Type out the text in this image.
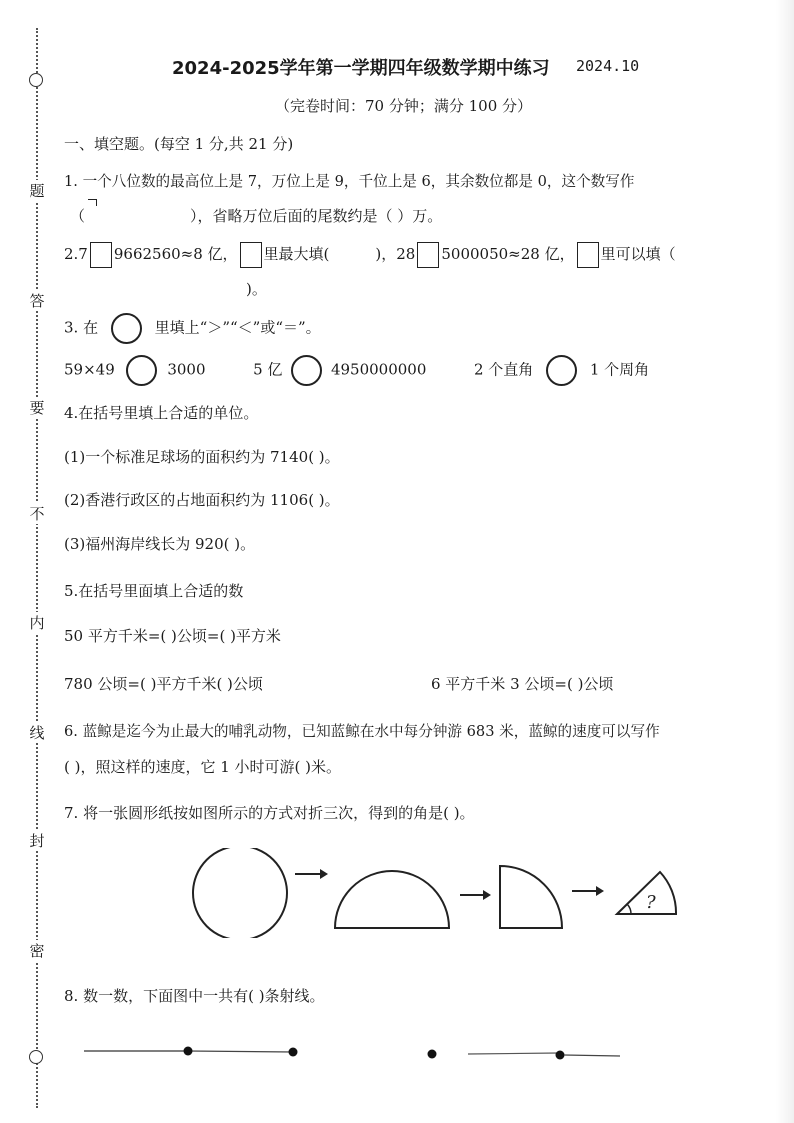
题
答
要
不
内
线
封
密
2024-2025学年第一学期四年级数学期中练习 2024.10
（完卷时间：70 分钟；满分 100 分）
一、填空题。(每空 1 分,共 21 分)
1. 一个八位数的最高位上是 7，万位上是 9，千位上是 6，其余数位都是 0，这个数写作
（	），省略万位后面的尾数约是（ ）万。
2.7 9662560≈8 亿， 里最大填(	)，28 5000050≈28 亿， 里可以填（
)。
3. 在	里填上“＞”“＜”或“＝”。
59×49	3000	5 亿	4950000000	2 个直角	1 个周角
4.在括号里填上合适的单位。
(1)一个标准足球场的面积约为 7140( )。
(2)香港行政区的占地面积约为 1106( )。
(3)福州海岸线长为 920( )。
5.在括号里面填上合适的数
50 平方千米=( )公顷=( )平方米
780 公顷=( )平方千米( )公顷	6 平方千米 3 公顷=( )公顷
6. 蓝鲸是迄今为止最大的哺乳动物，已知蓝鲸在水中每分钟游 683 米，蓝鲸的速度可以写作
( )，照这样的速度，它 1 小时可游( )米。
7. 将一张圆形纸按如图所示的方式对折三次，得到的角是( )。
?
8. 数一数，下面图中一共有( )条射线。
